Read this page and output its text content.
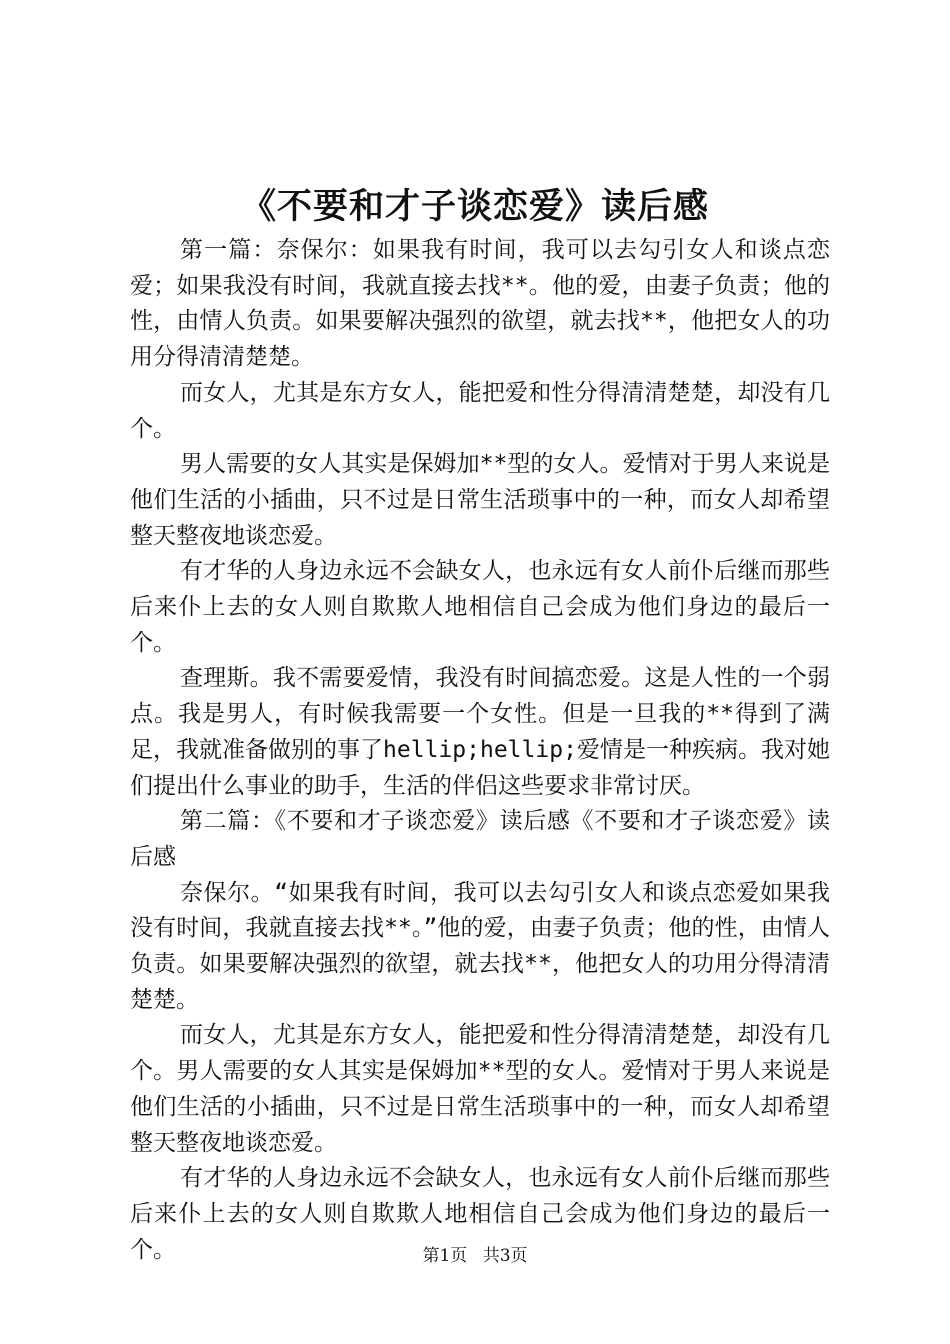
《不要和才子谈恋爱》读后感

第一篇：奈保尔：如果我有时间，我可以去勾引女人和谈点恋爱；如果我没有时间，我就直接去找**。他的爱，由妻子负责；他的性，由情人负责。如果要解决强烈的欲望，就去找**，他把女人的功用分得清清楚楚。

而女人，尤其是东方女人，能把爱和性分得清清楚楚，却没有几个。

男人需要的女人其实是保姆加**型的女人。爱情对于男人来说是他们生活的小插曲，只不过是日常生活琐事中的一种，而女人却希望整天整夜地谈恋爱。

有才华的人身边永远不会缺女人，也永远有女人前仆后继而那些后来仆上去的女人则自欺欺人地相信自己会成为他们身边的最后一个。

查理斯。我不需要爱情，我没有时间搞恋爱。这是人性的一个弱点。我是男人，有时候我需要一个女性。但是一旦我的**得到了满足，我就准备做别的事了hellip;hellip;爱情是一种疾病。我对她们提出什么事业的助手，生活的伴侣这些要求非常讨厌。

第二篇：《不要和才子谈恋爱》读后感《不要和才子谈恋爱》读后感

奈保尔。“如果我有时间，我可以去勾引女人和谈点恋爱如果我没有时间，我就直接去找**。”他的爱，由妻子负责；他的性，由情人负责。如果要解决强烈的欲望，就去找**，他把女人的功用分得清清楚楚。

而女人，尤其是东方女人，能把爱和性分得清清楚楚，却没有几个。男人需要的女人其实是保姆加**型的女人。爱情对于男人来说是他们生活的小插曲，只不过是日常生活琐事中的一种，而女人却希望整天整夜地谈恋爱。

有才华的人身边永远不会缺女人，也永远有女人前仆后继而那些后来仆上去的女人则自欺欺人地相信自己会成为他们身边的最后一个。	第1页 共3页
